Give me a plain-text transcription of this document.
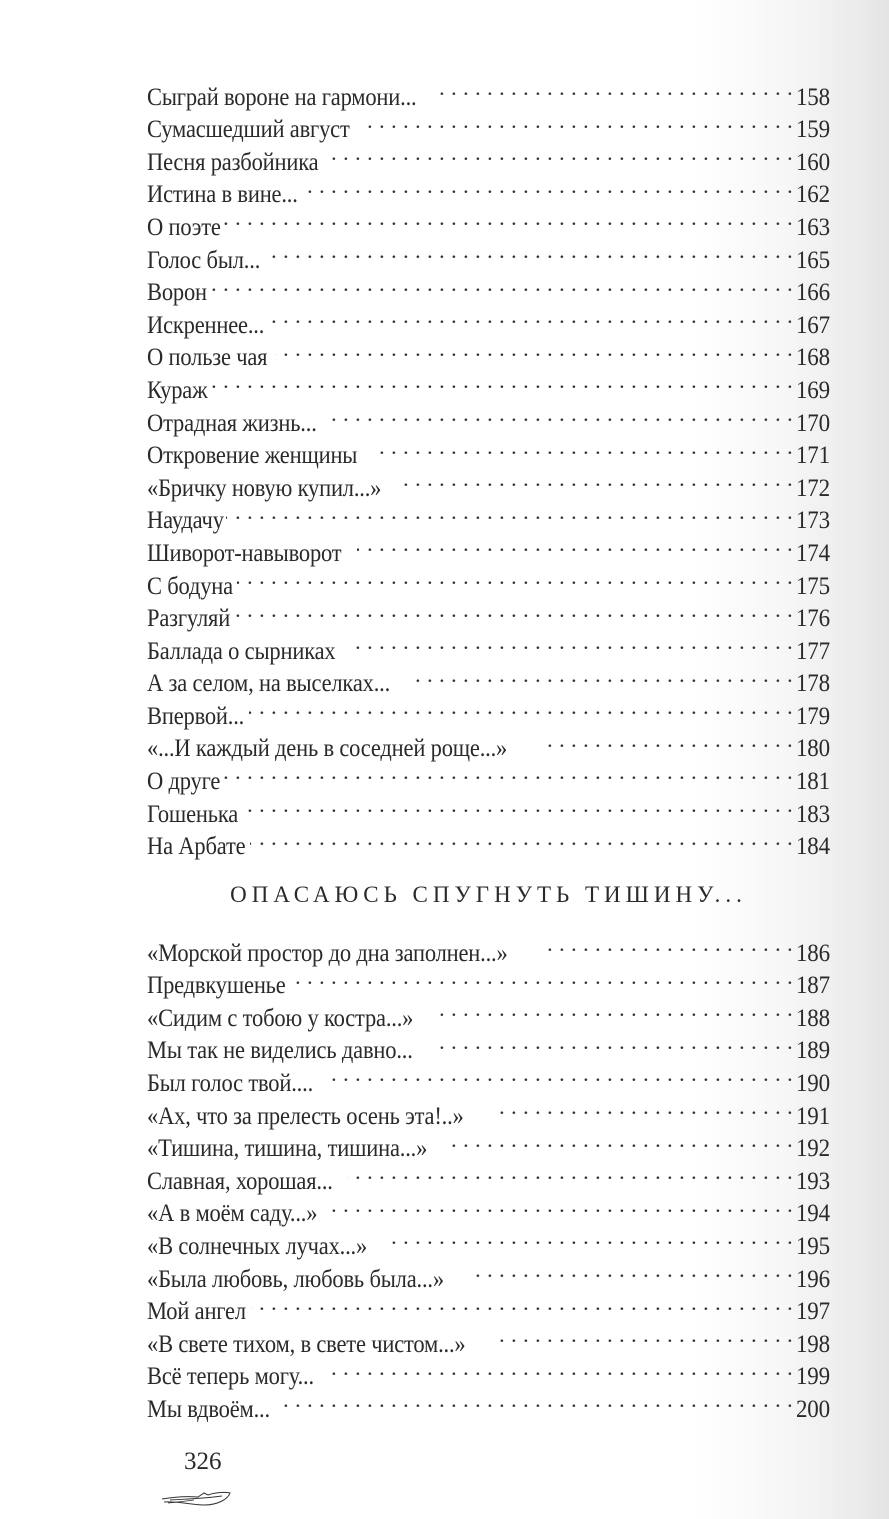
Сыграй вороне на гармони... . . .	158
Сумасшедший август . . .	159
Песня разбойника . . .	160
Истина в вине... . . .	162
О поэте . . .	163
Голос был... . . .	165
Ворон . . .	166
Искреннее... . . .	167
О пользе чая . . .	168
Кураж . . .	169
Отрадная жизнь... . . .	170
Откровение женщины . . .	171
«Бричку новую купил...» . . .	172
Наудачу . . .	173
Шиворот-навыворот . . .	174
С бодуна . . .	175
Разгуляй . . .	176
Баллада о сырниках . . .	177
А за селом, на выселках... . . .	178
Впервой... . . .	179
«...И каждый день в соседней роще...» . . .	180
О друге . . .	181
Гошенька . . .	183
На Арбате . . .	184
ОПАСАЮСЬ СПУГНУТЬ ТИШИНУ...
«Морской простор до дна заполнен...» . . .	186
Предвкушенье . . .	187
«Сидим с тобою у костра...» . . .	188
Мы так не виделись давно... . . .	189
Был голос твой.... . . .	190
«Ах, что за прелесть осень эта!..» . . .	191
«Тишина, тишина, тишина...» . . .	192
Славная, хорошая... . . .	193
«А в моём саду...» . . .	194
«В солнечных лучах...» . . .	195
«Была любовь, любовь была...» . . .	196
Мой ангел . . .	197
«В свете тихом, в свете чистом...» . . .	198
Всё теперь могу... . . .	199
Мы вдвоём... . . .	200
326
